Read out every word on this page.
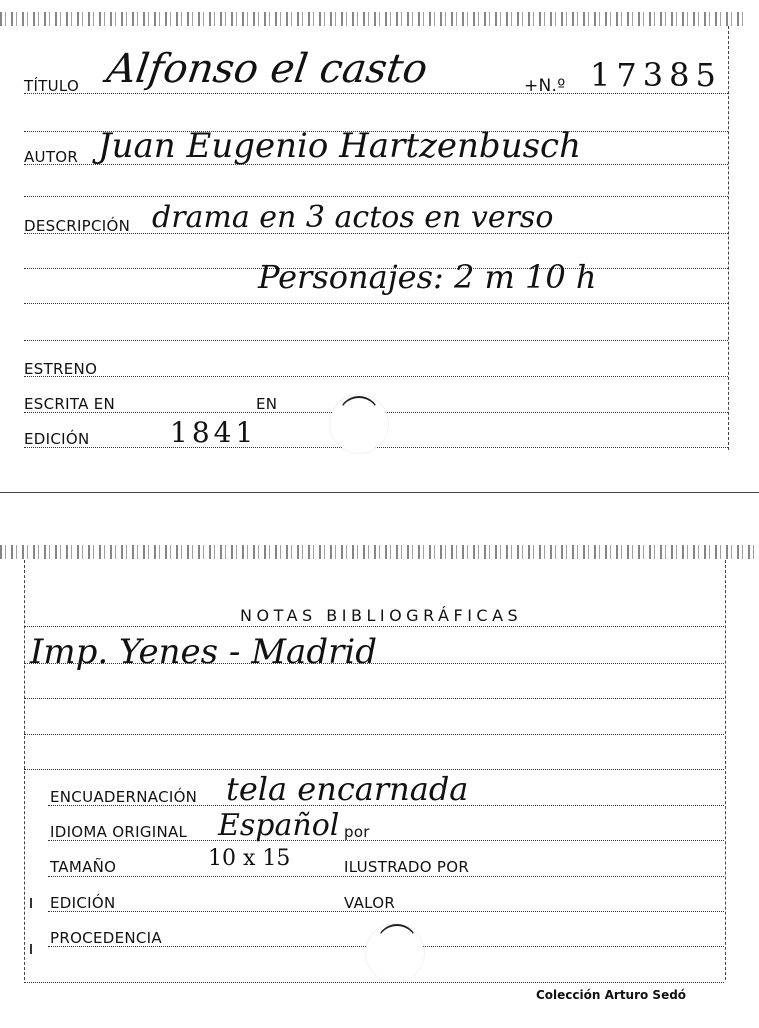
TÍTULO Alfonso el casto	+N.º 17385
AUTOR Juan Eugenio Hartzenbusch
DESCRIPCIÓN drama en 3 actos en verso
Personajes: 2 m 10 h
ESTRENO
ESCRITA EN	EN
EDICIÓN	1841
NOTAS BIBLIOGRÁFICAS
Imp. Yenes - Madrid
ENCUADERNACIÓN tela encarnada
IDIOMA ORIGINAL Español por
TAMAÑO	10 x 15	ILUSTRADO POR
EDICIÓN	VALOR
PROCEDENCIA
Colección Arturo Sedó
